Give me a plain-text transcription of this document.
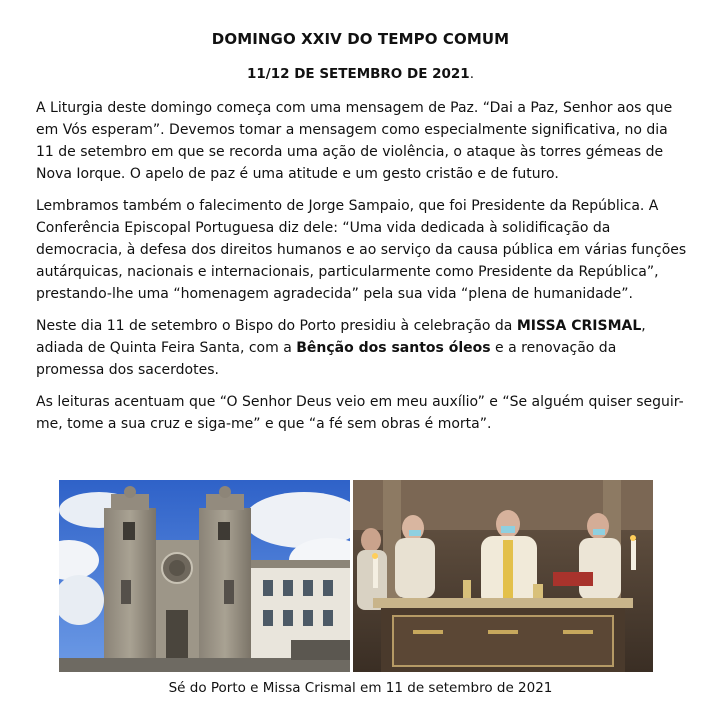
DOMINGO XXIV DO TEMPO COMUM
11/12 DE SETEMBRO DE 2021.

A Liturgia deste domingo começa com uma mensagem de Paz. “Dai a Paz, Senhor aos que em Vós esperam”. Devemos tomar a mensagem como especialmente significativa, no dia 11 de setembro em que se recorda uma ação de violência, o ataque às torres gémeas de Nova Iorque. O apelo de paz é uma atitude e um gesto cristão e de futuro.

Lembramos também o falecimento de Jorge Sampaio, que foi Presidente da República. A Conferência Episcopal Portuguesa diz dele: “Uma vida dedicada à solidificação da democracia, à defesa dos direitos humanos e ao serviço da causa pública em várias funções autárquicas, nacionais e internacionais, particularmente como Presidente da República”, prestando-lhe uma “homenagem agradecida” pela sua vida “plena de humanidade”.

Neste dia 11 de setembro o Bispo do Porto presidiu à celebração da MISSA CRISMAL, adiada de Quinta Feira Santa, com a Bênção dos santos óleos e a renovação da promessa dos sacerdotes.

As leituras acentuam que “O Senhor Deus veio em meu auxílio” e “Se alguém quiser seguir-me, tome a sua cruz e siga-me” e que “a fé sem obras é morta”.

Sé do Porto e Missa Crismal em 11 de setembro de 2021
